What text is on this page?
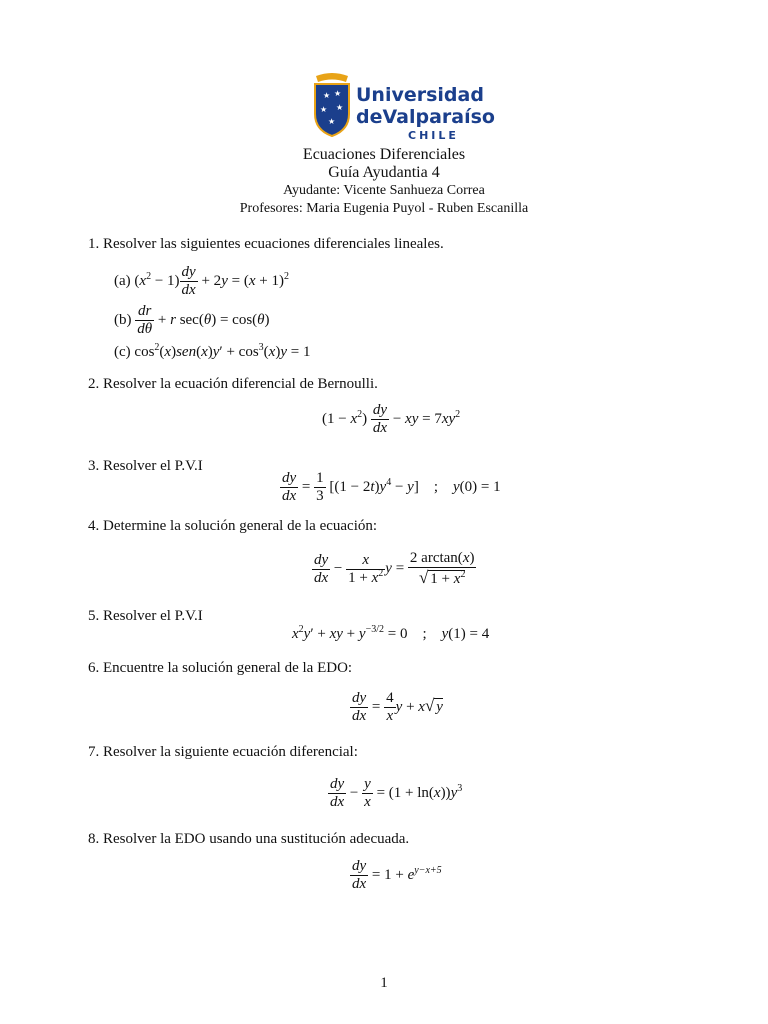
★ ★
★ ★
★
Universidad
deValparaíso
CHILE
Ecuaciones Diferenciales
Guía Ayudantia 4
Ayudante: Vicente Sanhueza Correa
Profesores: Maria Eugenia Puyol - Ruben Escanilla
1. Resolver las siguientes ecuaciones diferenciales lineales.
(a) $(x^2 - 1) \frac{dy}{dx} + 2y = (x + 1)^2$
$(b) \frac{dr}{d\theta} + r$ sec(θ) = cos(θ)
(c) $\cos^2(x)sen(x)y' + \cos^3(x)y = 1$
2. Resolver la ecuación diferencial de Bernoulli.
$(1 - x^2) \frac{dy}{dx}$ − xy = $7xy^2$
3. Resolver el P.V.I
$\frac{dy}{dx} = \frac{1}{3} [(1 - 2t)y^4 - y]$    ;    y(0) = 1
4. Determine la solución general de la ecuación:
$\frac{dy}{dx} - \frac{x}{1 + x^2}$ $y = \frac{2 \arctan(x)}{√ 1 + x^2}$
5. Resolver el P.V.I
$x^2y'$ + xy + $y^{-3/2} = 0$    ;    y(1) = 4
6. Encuentre la solución general de la EDO:
$\frac{dy}{dx} = \frac{4}{x}$ y + x√ y
7. Resolver la siguiente ecuación diferencial:
$\frac{dy}{dx} - \frac{y}{x} = (1 + \ln(x))y^3$
8. Resolver la EDO usando una sustitución adecuada.
$\frac{dy}{dx} = 1 + e^{y-x+5}$
1
